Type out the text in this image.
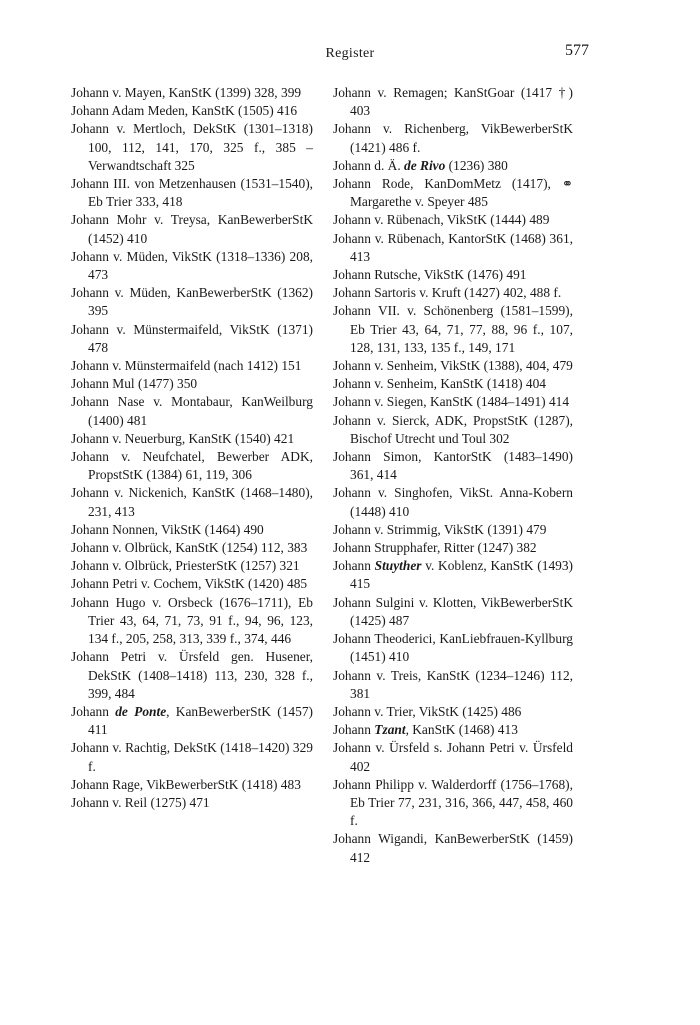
Register	577

Johann v. Mayen, KanStK (1399) 328, 399

Johann Adam Meden, KanStK (1505) 416

Johann v. Mertloch, DekStK (1301–1318) 100, 112, 141, 170, 325 f., 385 – Verwandtschaft 325

Johann III. von Metzenhausen (1531–1540), Eb Trier 333, 418

Johann Mohr v. Treysa, KanBewerberStK (1452) 410

Johann v. Müden, VikStK (1318–1336) 208, 473

Johann v. Müden, KanBewerberStK (1362) 395

Johann v. Münstermaifeld, VikStK (1371) 478

Johann v. Münstermaifeld (nach 1412) 151

Johann Mul (1477) 350

Johann Nase v. Montabaur, KanWeilburg (1400) 481

Johann v. Neuerburg, KanStK (1540) 421

Johann v. Neufchatel, Bewerber ADK, PropstStK (1384) 61, 119, 306

Johann v. Nickenich, KanStK (1468–1480), 231, 413

Johann Nonnen, VikStK (1464) 490

Johann v. Olbrück, KanStK (1254) 112, 383

Johann v. Olbrück, PriesterStK (1257) 321

Johann Petri v. Cochem, VikStK (1420) 485

Johann Hugo v. Orsbeck (1676–1711), Eb Trier 43, 64, 71, 73, 91 f., 94, 96, 123, 134 f., 205, 258, 313, 339 f., 374, 446

Johann Petri v. Ürsfeld gen. Husener, DekStK (1408–1418) 113, 230, 328 f., 399, 484

Johann de Ponte, KanBewerberStK (1457) 411

Johann v. Rachtig, DekStK (1418–1420) 329 f.

Johann Rage, VikBewerberStK (1418) 483

Johann v. Reil (1275) 471

Johann v. Remagen; KanStGoar (1417 †) 403

Johann v. Richenberg, VikBewerberStK (1421) 486 f.

Johann d. Ä. de Rivo (1236) 380

Johann Rode, KanDomMetz (1417), ⚭ Margarethe v. Speyer 485

Johann v. Rübenach, VikStK (1444) 489

Johann v. Rübenach, KantorStK (1468) 361, 413

Johann Rutsche, VikStK (1476) 491

Johann Sartoris v. Kruft (1427) 402, 488 f.

Johann VII. v. Schönenberg (1581–1599), Eb Trier 43, 64, 71, 77, 88, 96 f., 107, 128, 131, 133, 135 f., 149, 171

Johann v. Senheim, VikStK (1388), 404, 479

Johann v. Senheim, KanStK (1418) 404

Johann v. Siegen, KanStK (1484–1491) 414

Johann v. Sierck, ADK, PropstStK (1287), Bischof Utrecht und Toul 302

Johann Simon, KantorStK (1483–1490) 361, 414

Johann v. Singhofen, VikSt. Anna-Kobern (1448) 410

Johann v. Strimmig, VikStK (1391) 479

Johann Strupphafer, Ritter (1247) 382

Johann Stuyther v. Koblenz, KanStK (1493) 415

Johann Sulgini v. Klotten, VikBewerberStK (1425) 487

Johann Theoderici, KanLiebfrauen-Kyllburg (1451) 410

Johann v. Treis, KanStK (1234–1246) 112, 381

Johann v. Trier, VikStK (1425) 486

Johann Tzant, KanStK (1468) 413

Johann v. Ürsfeld s. Johann Petri v. Ürsfeld 402

Johann Philipp v. Walderdorff (1756–1768), Eb Trier 77, 231, 316, 366, 447, 458, 460 f.

Johann Wigandi, KanBewerberStK (1459) 412
